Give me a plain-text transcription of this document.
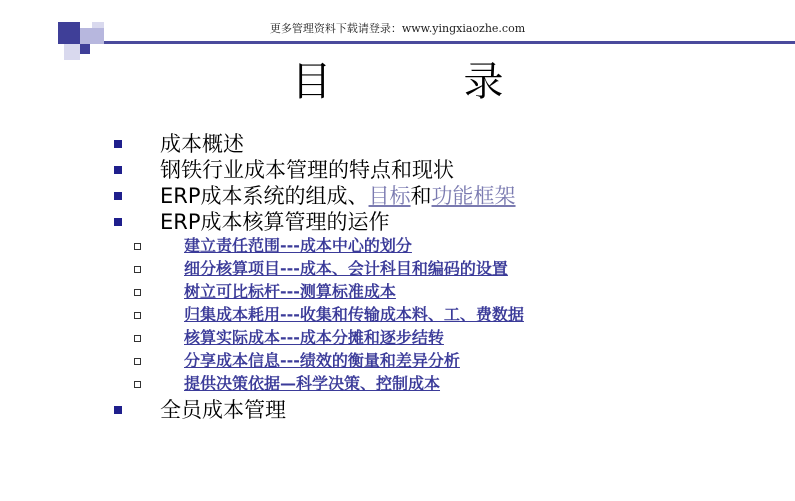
更多管理资料下载请登录：www.yingxiaozhe.com
目录
成本概述
钢铁行业成本管理的特点和现状
ERP成本系统的组成、 目标 和 功能框架
ERP成本核算管理的运作
建立责任范围---成本中心的划分
细分核算项目---成本、会计科目和编码的设置
树立可比标杆---测算标准成本
归集成本耗用---收集和传输成本料、工、费数据
核算实际成本---成本分摊和逐步结转
分享成本信息---绩效的衡量和差异分析
提供决策依据—科学决策、控制成本
全员成本管理
